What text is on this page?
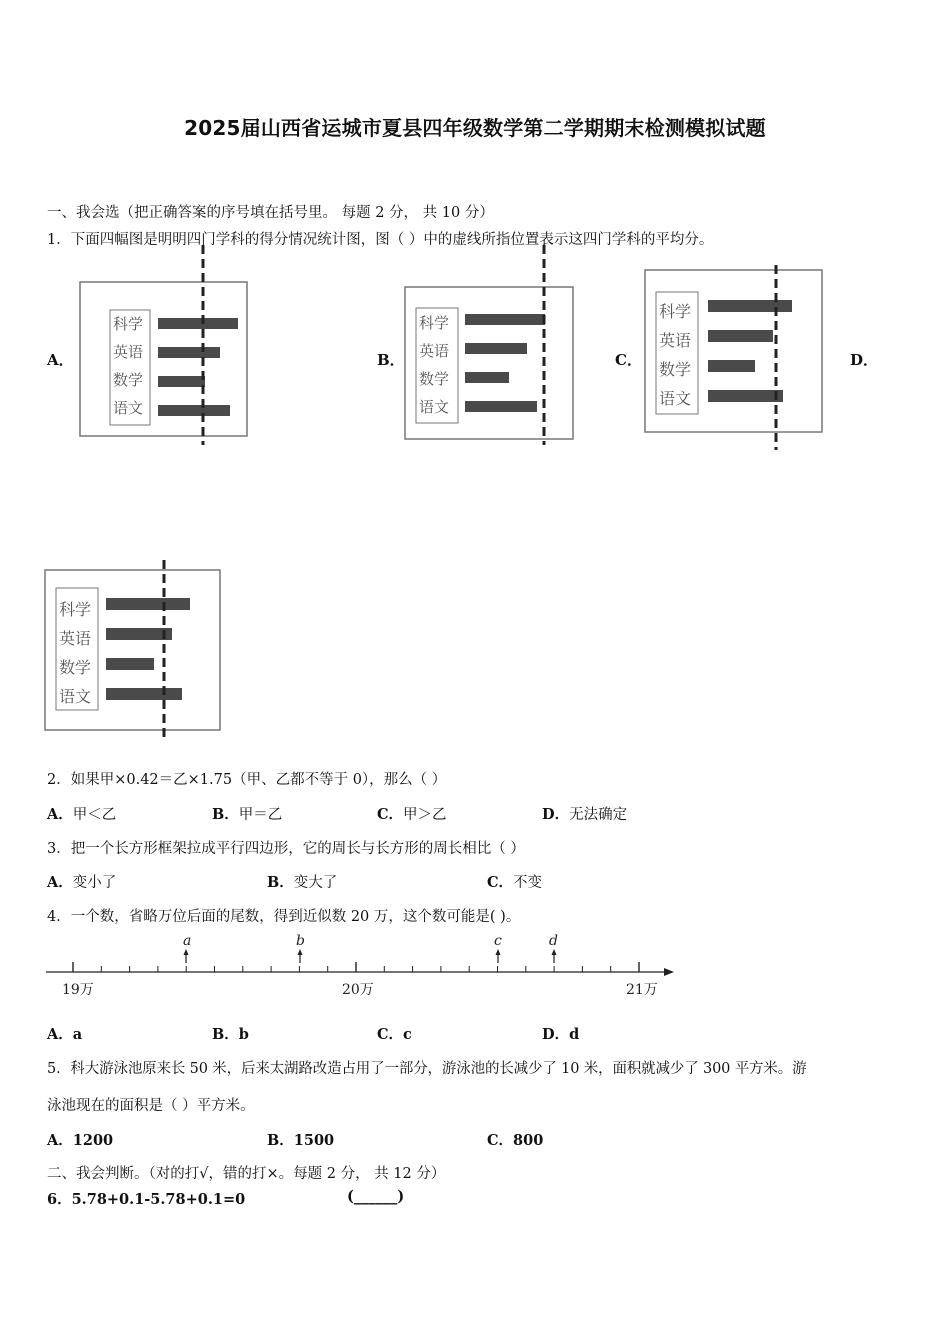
2025届山西省运城市夏县四年级数学第二学期期末检测模拟试题
一、我会选（把正确答案的序号填在括号里。 每题 2 分， 共 10 分）
1．下面四幅图是明明四门学科的得分情况统计图，图（ ）中的虚线所指位置表示这四门学科的平均分。
A．	B．	C．	D．
科学
英语
数学
语文
科学
英语
数学
语文
科学
英语
数学
语文
科学
英语
数学
语文
2．如果甲×0.42＝乙×1.75（甲、乙都不等于 0），那么（ ）
A．甲＜乙	B．甲＝乙	C．甲＞乙	D．无法确定
3．把一个长方形框架拉成平行四边形，它的周长与长方形的周长相比（ ）
A．变小了	B．变大了	C．不变
4．一个数，省略万位后面的尾数，得到近似数 20 万，这个数可能是( )。
19万	20万	21万
a	b	c	d
A．a	B．b	C．c	D．d
5．科大游泳池原来长 50 米，后来太湖路改造占用了一部分，游泳池的长减少了 10 米，面积就减少了 300 平方米。游
泳池现在的面积是（ ）平方米。
A．1200	B．1500	C．800
二、我会判断。（对的打√，错的打×。每题 2 分， 共 12 分）
6．5.78+0.1-5.78+0.1=0	(______)
